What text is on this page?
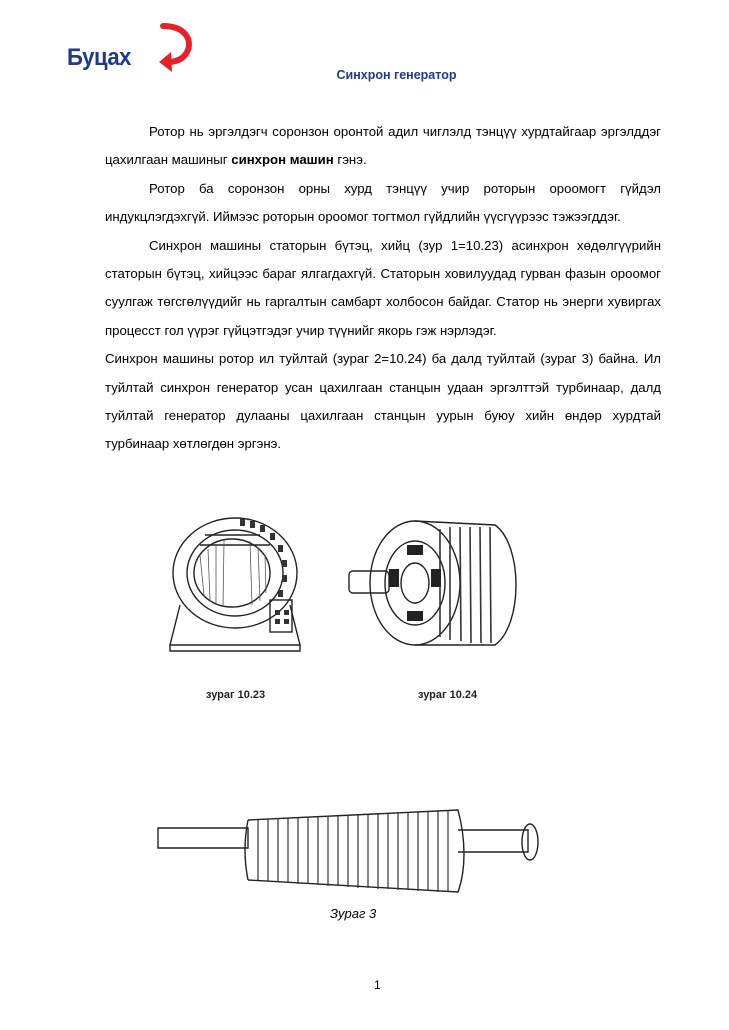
Буцах
Синхрон генератор

Ротор нь эргэлдэгч соронзон оронтой адил чиглэлд тэнцүү хурдтайгаар эргэлддэг цахилгаан машиныг синхрон машин гэнэ.

Ротор ба соронзон орны хурд тэнцүү учир роторын ороомогт гүйдэл индукцлэгдэхгүй. Иймээс роторын ороомог тогтмол гүйдлийн үүсгүүрээс тэжээгддэг.

Синхрон машины статорын бүтэц, хийц (зур 1=10.23) асинхрон хөдөлгүүрийн статорын бүтэц, хийцээс бараг ялгагдахгүй. Статорын ховилуудад гурван фазын ороомог суулгаж төгсгөлүүдийг нь гаргалтын самбарт холбосон байдаг. Статор нь энерги хувиргах процесст гол үүрэг гүйцэтгэдэг учир түүнийг якорь гэж нэрлэдэг.

Синхрон машины ротор ил туйлтай (зураг 2=10.24) ба далд туйлтай (зураг 3) байна. Ил туйлтай синхрон генератор усан цахилгаан станцын удаан эргэлттэй турбинаар, далд туйлтай генератор дулааны цахилгаан станцын уурын буюу хийн өндөр хурдтай турбинаар хөтлөгдөн эргэнэ.

зураг 10.23	зураг 10.24
Зураг 3
1
